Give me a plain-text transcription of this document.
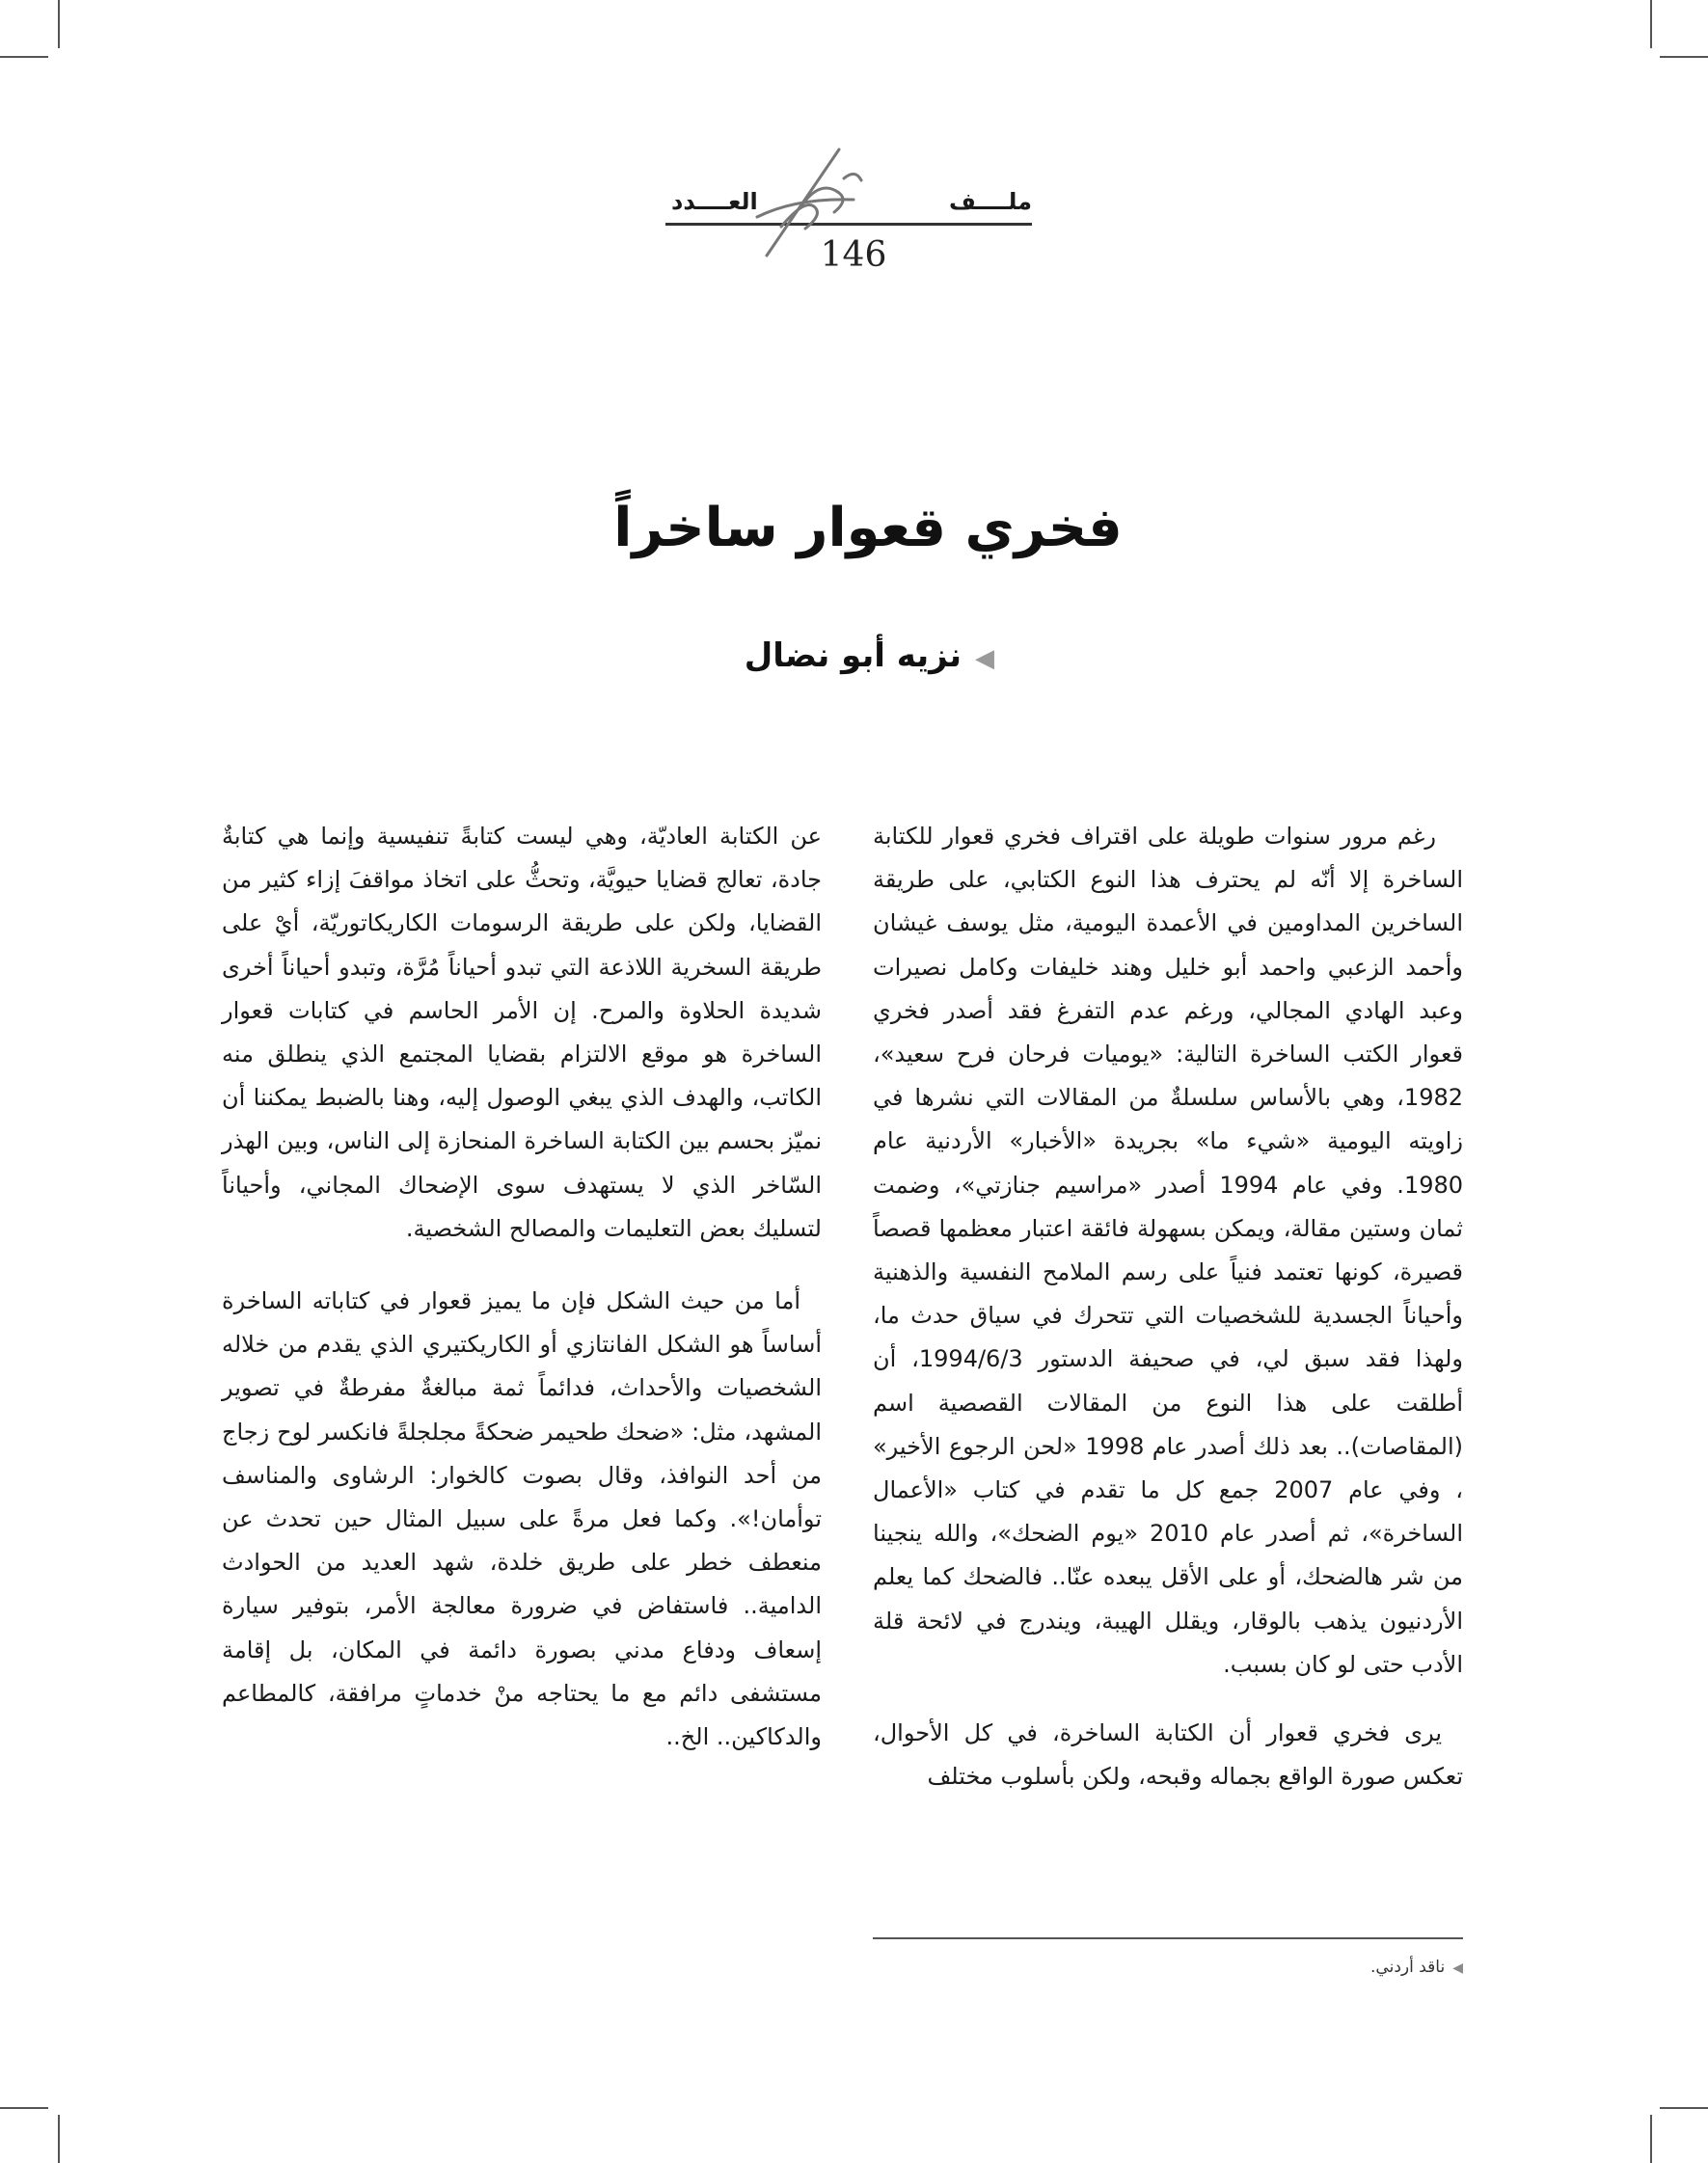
ملــــف
العــــدد
146
فخري قعوار ساخراً
◀نزيه أبو نضال

رغم مرور سنوات طويلة على اقتراف فخري قعوار للكتابة الساخرة إلا أنّه لم يحترف هذا النوع الكتابي، على طريقة الساخرين المداومين في الأعمدة اليومية، مثل يوسف غيشان وأحمد الزعبي واحمد أبو خليل وهند خليفات وكامل نصيرات وعبد الهادي المجالي، ورغم عدم التفرغ فقد أصدر فخري قعوار الكتب الساخرة التالية: «يوميات فرحان فرح سعيد»، 1982، وهي بالأساس سلسلةٌ من المقالات التي نشرها في زاويته اليومية «شيء ما» بجريدة «الأخبار» الأردنية عام 1980. وفي عام 1994 أصدر «مراسيم جنازتي»، وضمت ثمان وستين مقالة، ويمكن بسهولة فائقة اعتبار معظمها قصصاً قصيرة، كونها تعتمد فنياً على رسم الملامح النفسية والذهنية وأحياناً الجسدية للشخصيات التي تتحرك في سياق حدث ما، ولهذا فقد سبق لي، في صحيفة الدستور 1994/6/3، أن أطلقت على هذا النوع من المقالات القصصية اسم (المقاصات).. بعد ذلك أصدر عام 1998 «لحن الرجوع الأخير» ، وفي عام 2007 جمع كل ما تقدم في كتاب «الأعمال الساخرة»، ثم أصدر عام 2010 «يوم الضحك»، والله ينجينا من شر هالضحك، أو على الأقل يبعده عنّا.. فالضحك كما يعلم الأردنيون يذهب بالوقار، ويقلل الهيبة، ويندرج في لائحة قلة الأدب حتى لو كان بسبب.

يرى فخري قعوار أن الكتابة الساخرة، في كل الأحوال، تعكس صورة الواقع بجماله وقبحه، ولكن بأسلوب مختلف

عن الكتابة العاديّة، وهي ليست كتابةً تنفيسية وإنما هي كتابةٌ جادة، تعالج قضايا حيويَّة، وتحثُّ على اتخاذ مواقفَ إزاء كثير من القضايا، ولكن على طريقة الرسومات الكاريكاتوريّة، أيْ على طريقة السخرية اللاذعة التي تبدو أحياناً مُرَّة، وتبدو أحياناً أخرى شديدة الحلاوة والمرح. إن الأمر الحاسم في كتابات قعوار الساخرة هو موقع الالتزام بقضايا المجتمع الذي ينطلق منه الكاتب، والهدف الذي يبغي الوصول إليه، وهنا بالضبط يمكننا أن نميّز بحسم بين الكتابة الساخرة المنحازة إلى الناس، وبين الهذر السّاخر الذي لا يستهدف سوى الإضحاك المجاني، وأحياناً لتسليك بعض التعليمات والمصالح الشخصية.

أما من حيث الشكل فإن ما يميز قعوار في كتاباته الساخرة أساساً هو الشكل الفانتازي أو الكاريكتيري الذي يقدم من خلاله الشخصيات والأحداث، فدائماً ثمة مبالغةٌ مفرطةٌ في تصوير المشهد، مثل: «ضحك طحيمر ضحكةً مجلجلةً فانكسر لوح زجاج من أحد النوافذ، وقال بصوت كالخوار: الرشاوى والمناسف توأمان!». وكما فعل مرةً على سبيل المثال حين تحدث عن منعطف خطر على طريق خلدة، شهد العديد من الحوادث الدامية.. فاستفاض في ضرورة معالجة الأمر، بتوفير سيارة إسعاف ودفاع مدني بصورة دائمة في المكان، بل إقامة مستشفى دائم مع ما يحتاجه منْ خدماتٍ مرافقة، كالمطاعم والدكاكين.. الخ..

◀ناقد أردني.
